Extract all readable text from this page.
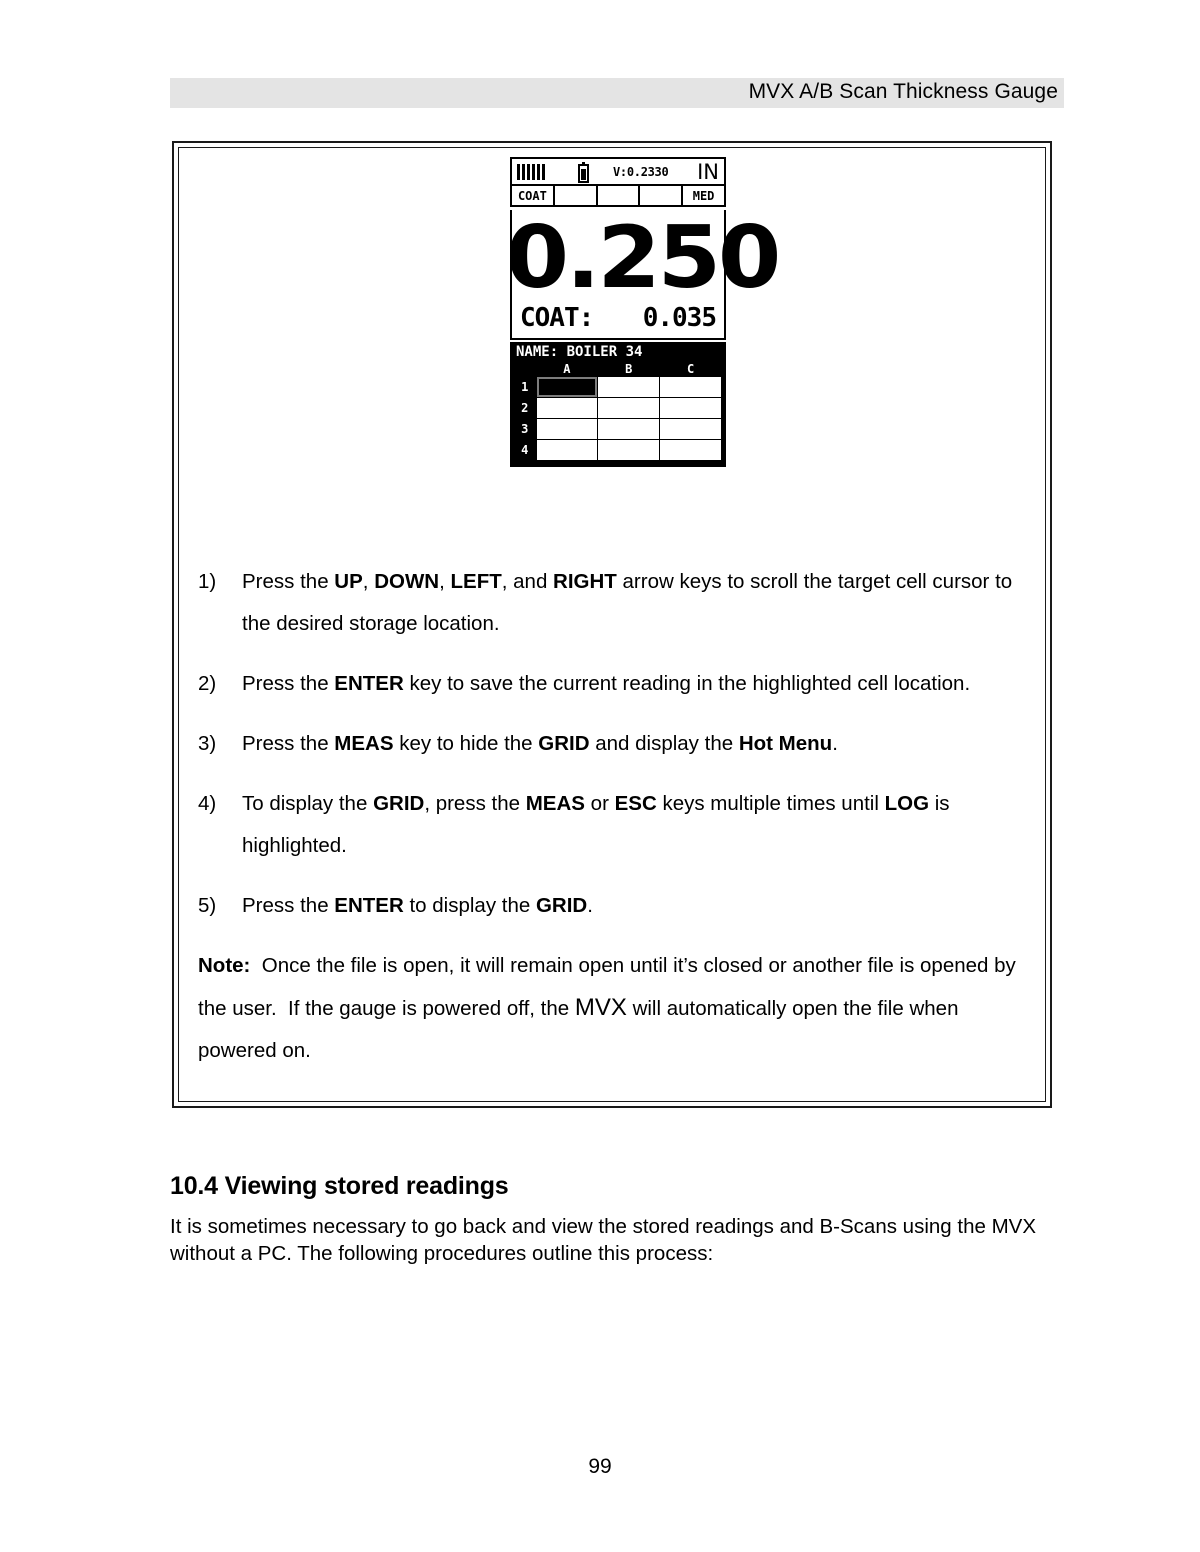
MVX A/B Scan Thickness Gauge
V:0.2330 IN
COAT	MED
0.250
COAT: 0.035
NAME: BOILER 34
	A	B	C
1			
2			
3			
4			
1)	Press the UP, DOWN, LEFT, and RIGHT arrow keys to scroll the target cell cursor to the desired storage location.
2)	Press the ENTER key to save the current reading in the highlighted cell location.
3)	Press the MEAS key to hide the GRID and display the Hot Menu.
4)	To display the GRID, press the MEAS or ESC keys multiple times until LOG is highlighted.
5)	Press the ENTER to display the GRID.
Note:  Once the file is open, it will remain open until it’s closed or another file is opened by the user.  If the gauge is powered off, the MVX will automatically open the file when powered on.
10.4 Viewing stored readings
It is sometimes necessary to go back and view the stored readings and B-Scans using the MVX without a PC. The following procedures outline this process:
99
